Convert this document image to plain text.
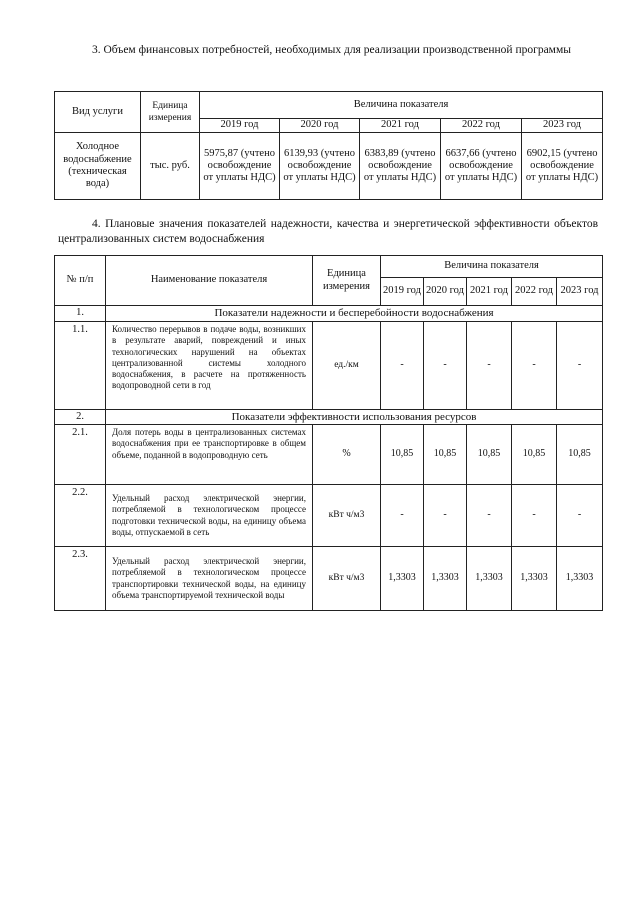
3. Объем финансовых потребностей, необходимых для реализации производственной программы
Вид услуги	Единица измерения	Величина показателя				
		2019 год	2020 год	2021 год	2022 год	2023 год
Холодное водоснабжение (техническая вода)	тыс. руб.	5975,87 (учтено освобождение от уплаты НДС)	6139,93 (учтено освобождение от уплаты НДС)	6383,89 (учтено освобождение от уплаты НДС)	6637,66 (учтено освобождение от уплаты НДС)	6902,15 (учтено освобождение от уплаты НДС)
4. Плановые значения показателей надежности, качества и энергетической эффективности объектов централизованных систем водоснабжения
№ п/п	Наименование показателя	Единица измерения	Величина показателя				
			2019 год	2020 год	2021 год	2022 год	2023 год
1.	Показатели надежности и бесперебойности водоснабжения						
1.1.	Количество перерывов в подаче воды, возникших в результате аварий, повреждений и иных технологических нарушений на объектах централизованной системы холодного водоснабжения, в расчете на протяженность водопроводной сети в год	ед./км	-	-	-	-	-
2.	Показатели эффективности использования ресурсов						
2.1.	Доля потерь воды в централизованных системах водоснабжения при ее транспортировке в общем объеме, поданной в водопроводную сеть	%	10,85	10,85	10,85	10,85	10,85
2.2.	Удельный расход электрической энергии, потребляемой в технологическом процессе подготовки технической воды, на единицу объема воды, отпускаемой в сеть	кВт ч/м3	-	-	-	-	-
2.3.	Удельный расход электрической энергии, потребляемой в технологическом процессе транспортировки технической воды, на единицу объема транспортируемой технической воды	кВт ч/м3	1,3303	1,3303	1,3303	1,3303	1,3303
